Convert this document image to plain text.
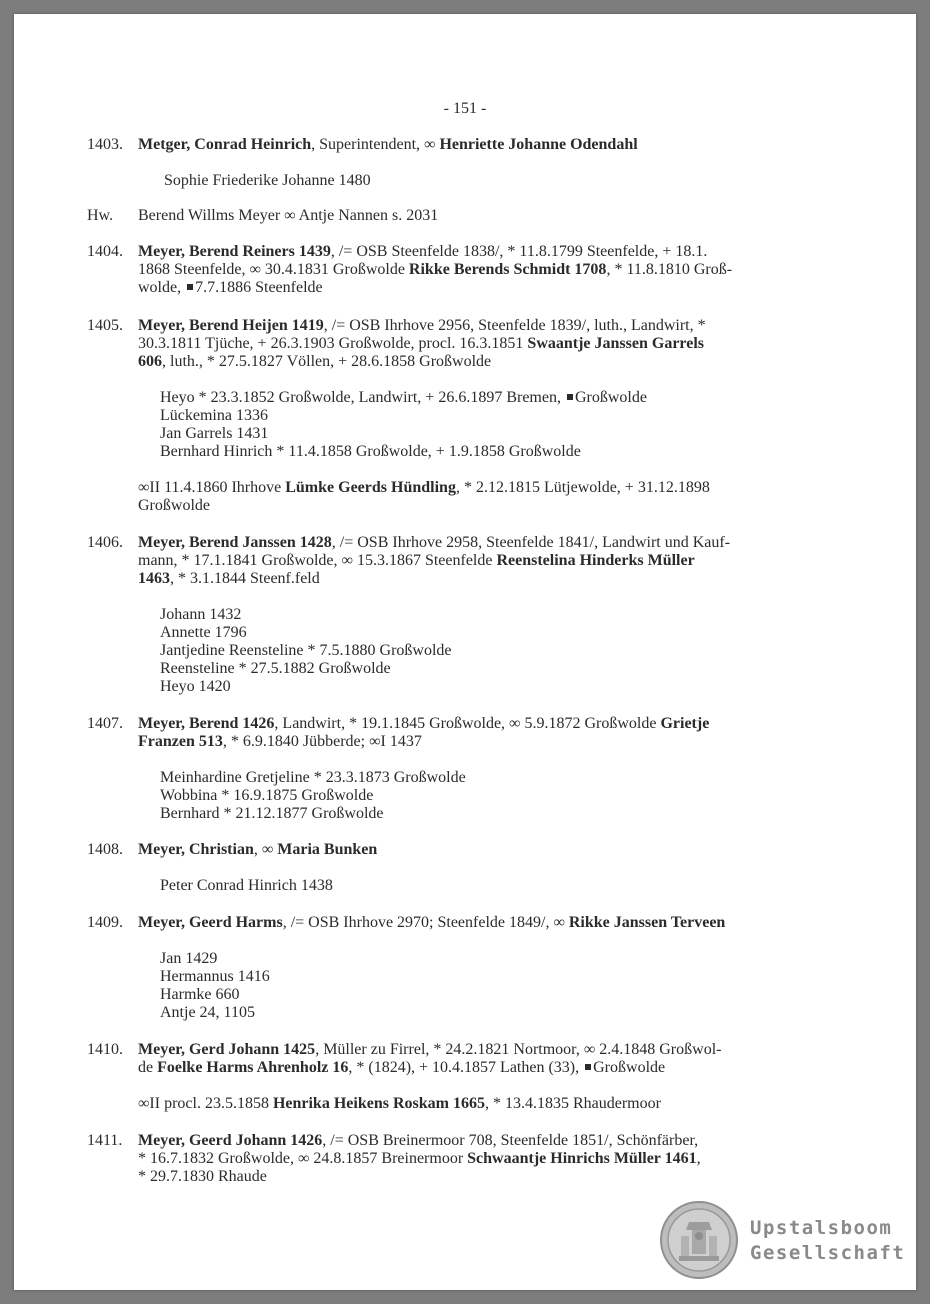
- 151 -
1403. Metger, Conrad Heinrich, Superintendent, ∞ Henriette Johanne Odendahl
Sophie Friederike Johanne 1480
Hw. Berend Willms Meyer ∞ Antje Nannen s. 2031
1404. Meyer, Berend Reiners 1439, /= OSB Steenfelde 1838/, * 11.8.1799 Steenfelde, + 18.1.
1868 Steenfelde, ∞ 30.4.1831 Großwolde Rikke Berends Schmidt 1708, * 11.8.1810 Groß-
wolde, 7.7.1886 Steenfelde
1405. Meyer, Berend Heijen 1419, /= OSB Ihrhove 2956, Steenfelde 1839/, luth., Landwirt, *
30.3.1811 Tjüche, + 26.3.1903 Großwolde, procl. 16.3.1851 Swaantje Janssen Garrels
606, luth., * 27.5.1827 Völlen, + 28.6.1858 Großwolde
Heyo * 23.3.1852 Großwolde, Landwirt, + 26.6.1897 Bremen, Großwolde
Lückemina 1336
Jan Garrels 1431
Bernhard Hinrich * 11.4.1858 Großwolde, + 1.9.1858 Großwolde
∞II 11.4.1860 Ihrhove Lümke Geerds Hündling, * 2.12.1815 Lütjewolde, + 31.12.1898
Großwolde
1406. Meyer, Berend Janssen 1428, /= OSB Ihrhove 2958, Steenfelde 1841/, Landwirt und Kauf-
mann, * 17.1.1841 Großwolde, ∞ 15.3.1867 Steenfelde Reenstelina Hinderks Müller
1463, * 3.1.1844 Steenf.feld
Johann 1432
Annette 1796
Jantjedine Reensteline * 7.5.1880 Großwolde
Reensteline * 27.5.1882 Großwolde
Heyo 1420
1407. Meyer, Berend 1426, Landwirt, * 19.1.1845 Großwolde, ∞ 5.9.1872 Großwolde Grietje
Franzen 513, * 6.9.1840 Jübberde; ∞I 1437
Meinhardine Gretjeline * 23.3.1873 Großwolde
Wobbina * 16.9.1875 Großwolde
Bernhard * 21.12.1877 Großwolde
1408. Meyer, Christian, ∞ Maria Bunken
Peter Conrad Hinrich 1438
1409. Meyer, Geerd Harms, /= OSB Ihrhove 2970; Steenfelde 1849/, ∞ Rikke Janssen Terveen
Jan 1429
Hermannus 1416
Harmke 660
Antje 24, 1105
1410. Meyer, Gerd Johann 1425, Müller zu Firrel, * 24.2.1821 Nortmoor, ∞ 2.4.1848 Großwol-
de Foelke Harms Ahrenholz 16, * (1824), + 10.4.1857 Lathen (33), Großwolde
∞II procl. 23.5.1858 Henrika Heikens Roskam 1665, * 13.4.1835 Rhaudermoor
1411. Meyer, Geerd Johann 1426, /= OSB Breinermoor 708, Steenfelde 1851/, Schönfärber,
* 16.7.1832 Großwolde, ∞ 24.8.1857 Breinermoor Schwaantje Hinrichs Müller 1461,
* 29.7.1830 Rhaude
Upstalsboom
Gesellschaft
